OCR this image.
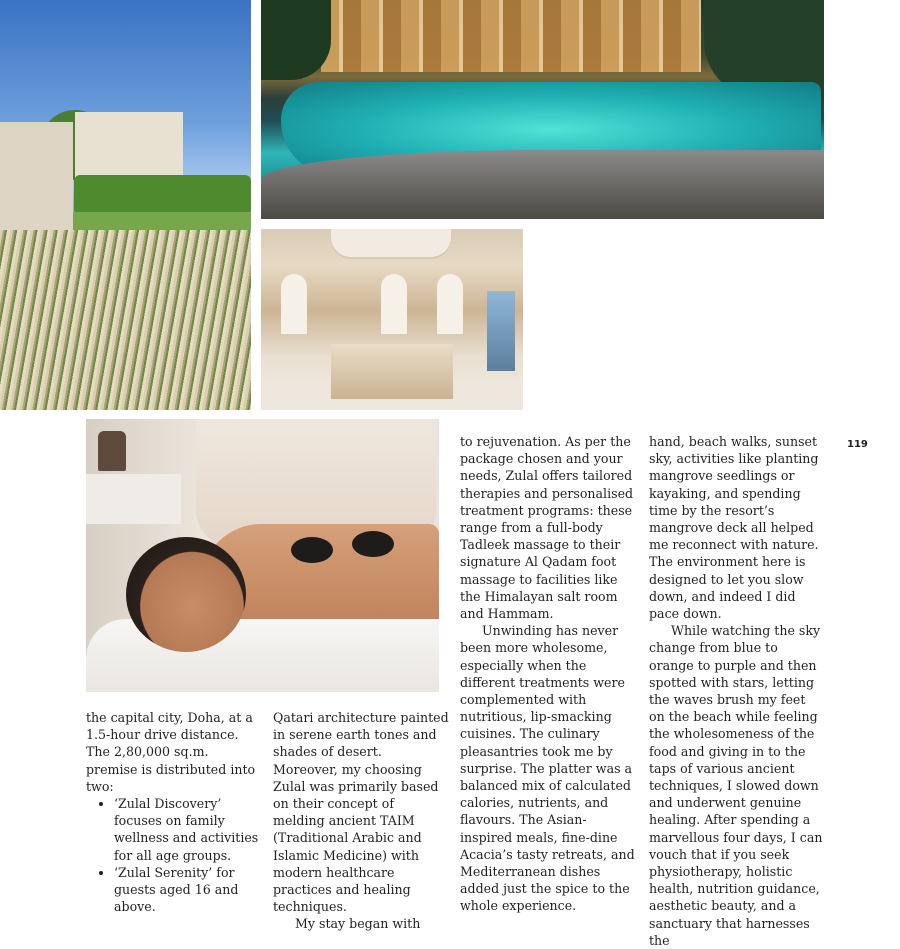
119

the capital city, Doha, at a 1.5-hour drive distance. The 2,80,000 sq.m. premise is distributed into two:

• ‘Zulal Discovery’ focuses on family wellness and activities for all age groups.
• ‘Zulal Serenity’ for guests aged 16 and above.

Qatari architecture painted in serene earth tones and shades of desert. Moreover, my choosing Zulal was primarily based on their concept of melding ancient TAIM (Traditional Arabic and Islamic Medicine) with modern healthcare practices and healing techniques.

My stay began with

to rejuvenation. As per the package chosen and your needs, Zulal offers tailored therapies and personalised treatment programs: these range from a full-body Tadleek massage to their signature Al Qadam foot massage to facilities like the Himalayan salt room and Hammam.

Unwinding has never been more wholesome, especially when the different treatments were complemented with nutritious, lip-smacking cuisines. The culinary pleasantries took me by surprise. The platter was a balanced mix of calculated calories, nutrients, and flavours. The Asian-inspired meals, fine-dine Acacia’s tasty retreats, and Mediterranean dishes added just the spice to the whole experience.

hand, beach walks, sunset sky, activities like planting mangrove seedlings or kayaking, and spending time by the resort’s mangrove deck all helped me reconnect with nature. The environment here is designed to let you slow down, and indeed I did pace down.

While watching the sky change from blue to orange to purple and then spotted with stars, letting the waves brush my feet on the beach while feeling the wholesomeness of the food and giving in to the taps of various ancient techniques, I slowed down and underwent genuine healing. After spending a marvellous four days, I can vouch that if you seek physiotherapy, holistic health, nutrition guidance, aesthetic beauty, and a sanctuary that harnesses the
